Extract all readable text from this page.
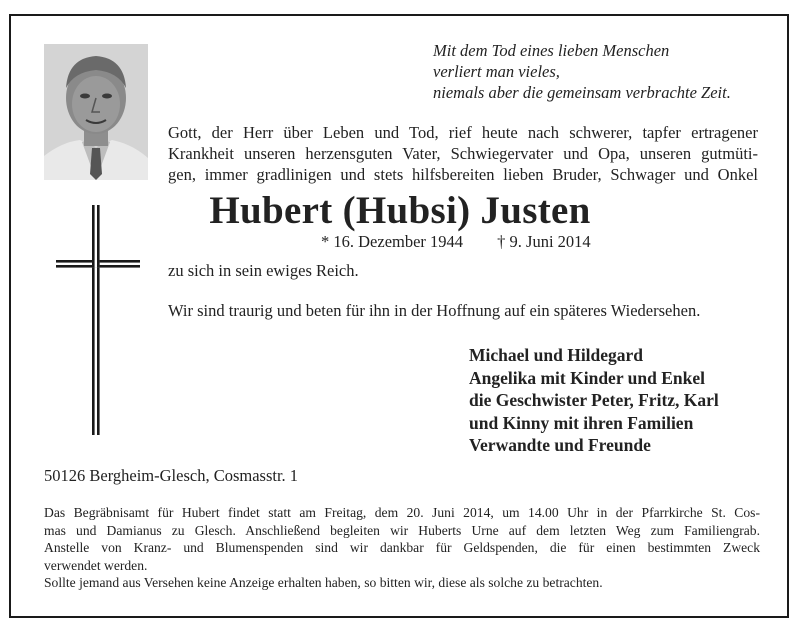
Mit dem Tod eines lieben Menschen
verliert man vieles,
niemals aber die gemeinsam verbrachte Zeit.
Gott, der Herr über Leben und Tod, rief heute nach schwerer, tapfer ertragener
Krankheit unseren herzensguten Vater, Schwiegervater und Opa, unseren gutmüti-
gen, immer gradlinigen und stets hilfsbereiten lieben Bruder, Schwager und Onkel
Hubert (Hubsi) Justen
* 16. Dezember 1944 † 9. Juni 2014
zu sich in sein ewiges Reich.
Wir sind traurig und beten für ihn in der Hoffnung auf ein späteres Wiedersehen.
Michael und Hildegard
Angelika mit Kinder und Enkel
die Geschwister Peter, Fritz, Karl
und Kinny mit ihren Familien
Verwandte und Freunde
50126 Bergheim-Glesch, Cosmasstr. 1
Das Begräbnisamt für Hubert findet statt am Freitag, dem 20. Juni 2014, um 14.00 Uhr in der Pfarrkirche St. Cos-
mas und Damianus zu Glesch. Anschließend begleiten wir Huberts Urne auf dem letzten Weg zum Familiengrab.
Anstelle von Kranz- und Blumenspenden sind wir dankbar für Geldspenden, die für einen bestimmten Zweck
verwendet werden.
Sollte jemand aus Versehen keine Anzeige erhalten haben, so bitten wir, diese als solche zu betrachten.
